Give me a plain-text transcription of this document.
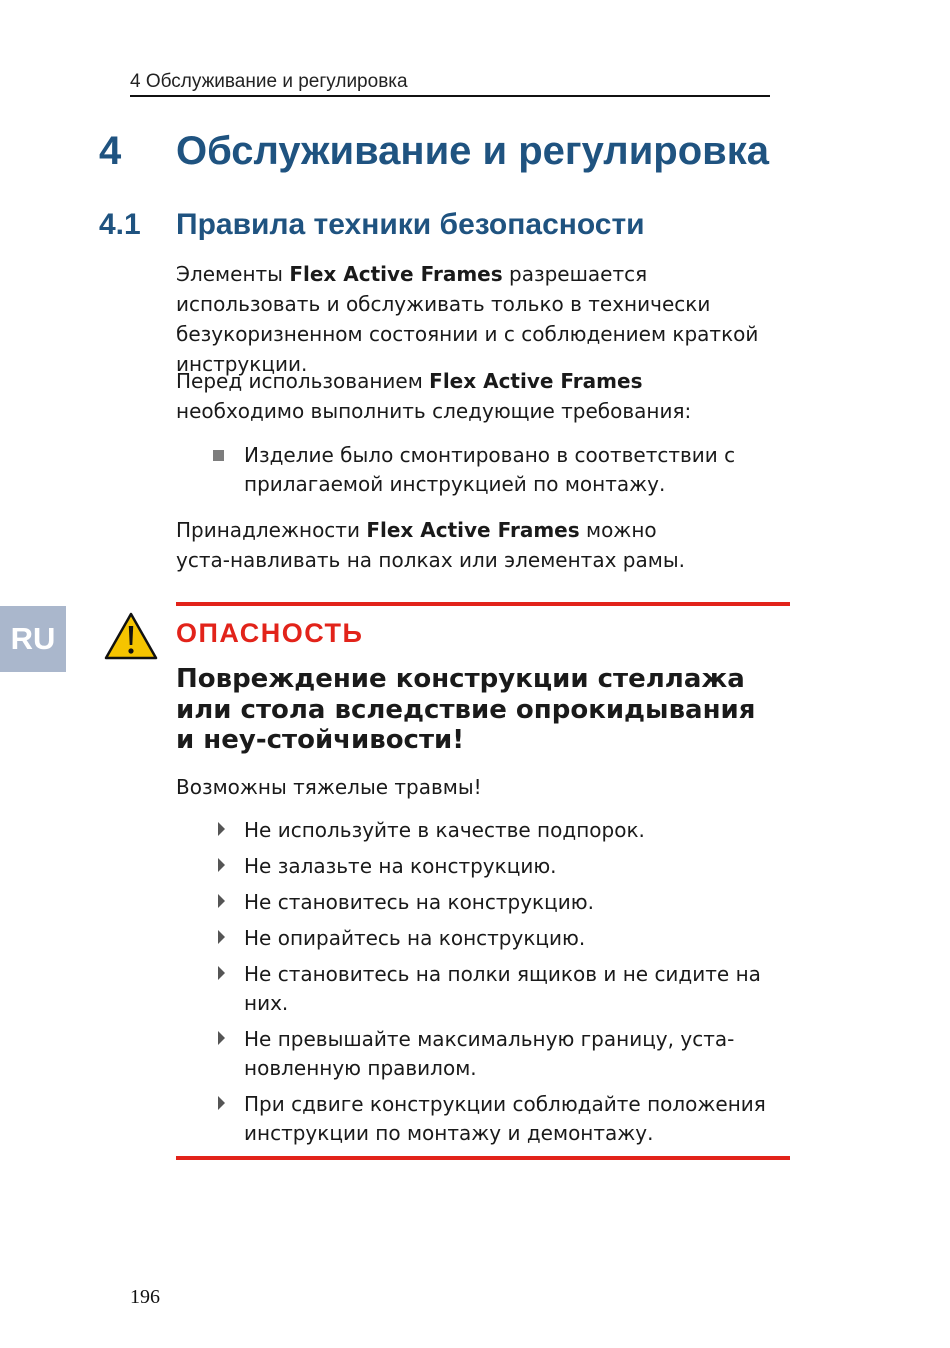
4 Обслуживание и регулировка
4 Обслуживание и регулировка
4.1 Правила техники безопасности
Элементы Flex Active Frames разрешается использовать и обслуживать только в технически безукоризненном состоянии и с соблюдением краткой инструкции.
Перед использованием Flex Active Frames необходимо выполнить следующие требования:
Изделие было смонтировано в соответствии с прилагаемой инструкцией по монтажу.
Принадлежности Flex Active Frames можно уста-навливать на полках или элементах рамы.
RU	ОПАСНОСТЬ
Повреждение конструкции стеллажа или стола вследствие опрокидывания и неу-стойчивости!
Возможны тяжелые травмы!
Не используйте в качестве подпорок.
Не залазьте на конструкцию.
Не становитесь на конструкцию.
Не опирайтесь на конструкцию.
Не становитесь на полки ящиков и не сидите на них.
Не превышайте максимальную границу, уста-новленную правилом.
При сдвиге конструкции соблюдайте положения инструкции по монтажу и демонтажу.
196
